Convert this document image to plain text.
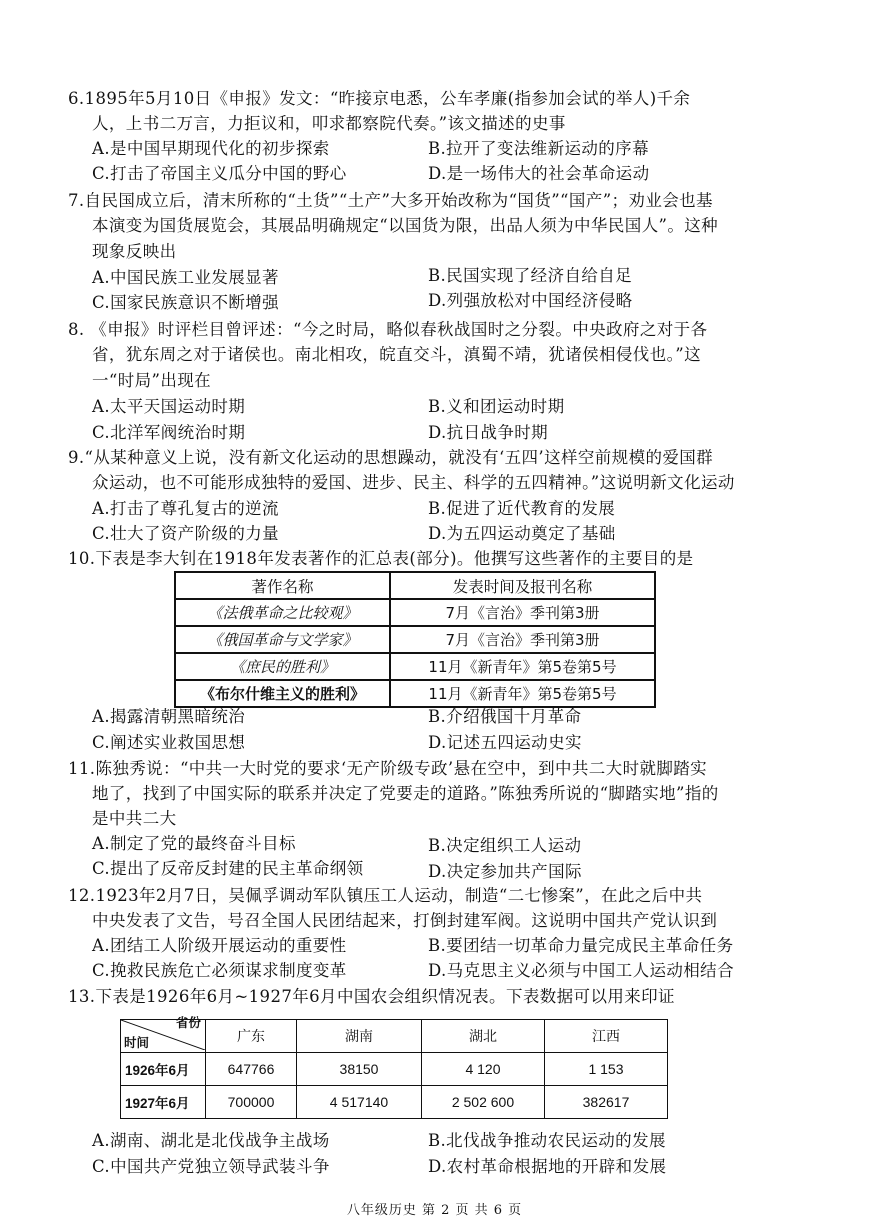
6.1895年5月10日《申报》发文：“昨接京电悉，公车孝廉(指参加会试的举人)千余
人，上书二万言，力拒议和，叩求都察院代奏。”该文描述的史事
A.是中国早期现代化的初步探索	B.拉开了变法维新运动的序幕
C.打击了帝国主义瓜分中国的野心	D.是一场伟大的社会革命运动
7.自民国成立后，清末所称的“土货”“土产”大多开始改称为“国货”“国产”；劝业会也基
本演变为国货展览会，其展品明确规定“以国货为限，出品人须为中华民国人”。这种
现象反映出
A.中国民族工业发展显著	B.民国实现了经济自给自足
C.国家民族意识不断增强	D.列强放松对中国经济侵略
8. 《申报》时评栏目曾评述：“今之时局，略似春秋战国时之分裂。中央政府之对于各
省，犹东周之对于诸侯也。南北相攻，皖直交斗，滇蜀不靖，犹诸侯相侵伐也。”这
一“时局”出现在
A.太平天国运动时期	B.义和团运动时期
C.北洋军阀统治时期	D.抗日战争时期
9.“从某种意义上说，没有新文化运动的思想躁动，就没有‘五四’这样空前规模的爱国群
众运动，也不可能形成独特的爱国、进步、民主、科学的五四精神。”这说明新文化运动
A.打击了尊孔复古的逆流	B.促进了近代教育的发展
C.壮大了资产阶级的力量	D.为五四运动奠定了基础
10.下表是李大钊在1918年发表著作的汇总表(部分)。他撰写这些著作的主要目的是
著作名称	发表时间及报刊名称
《法俄革命之比较观》	7月《言治》季刊第3册
《俄国革命与文学家》	7月《言治》季刊第3册
《庶民的胜利》	11月《新青年》第5卷第5号
《布尔什维主义的胜利》	11月《新青年》第5卷第5号
A.揭露清朝黑暗统治	B.介绍俄国十月革命
C.阐述实业救国思想	D.记述五四运动史实
11.陈独秀说：“中共一大时党的要求‘无产阶级专政’悬在空中，到中共二大时就脚踏实
地了，找到了中国实际的联系并决定了党要走的道路。”陈独秀所说的“脚踏实地”指的
是中共二大
A.制定了党的最终奋斗目标	B.决定组织工人运动
C.提出了反帝反封建的民主革命纲领	D.决定参加共产国际
12.1923年2月7日，吴佩孚调动军队镇压工人运动，制造“二七惨案”，在此之后中共
中央发表了文告，号召全国人民团结起来，打倒封建军阀。这说明中国共产党认识到
A.团结工人阶级开展运动的重要性	B.要团结一切革命力量完成民主革命任务
C.挽救民族危亡必须谋求制度变革	D.马克思主义必须与中国工人运动相结合
13.下表是1926年6月~1927年6月中国农会组织情况表。下表数据可以用来印证
省份
时间	广东	湖南	湖北	江西
1926年6月	647766	38150	4 120	1 153
1927年6月	700000	4 517140	2 502 600	382617
A.湖南、湖北是北伐战争主战场	B.北伐战争推动农民运动的发展
C.中国共产党独立领导武装斗争	D.农村革命根据地的开辟和发展
八年级历史 第 2 页 共 6 页
